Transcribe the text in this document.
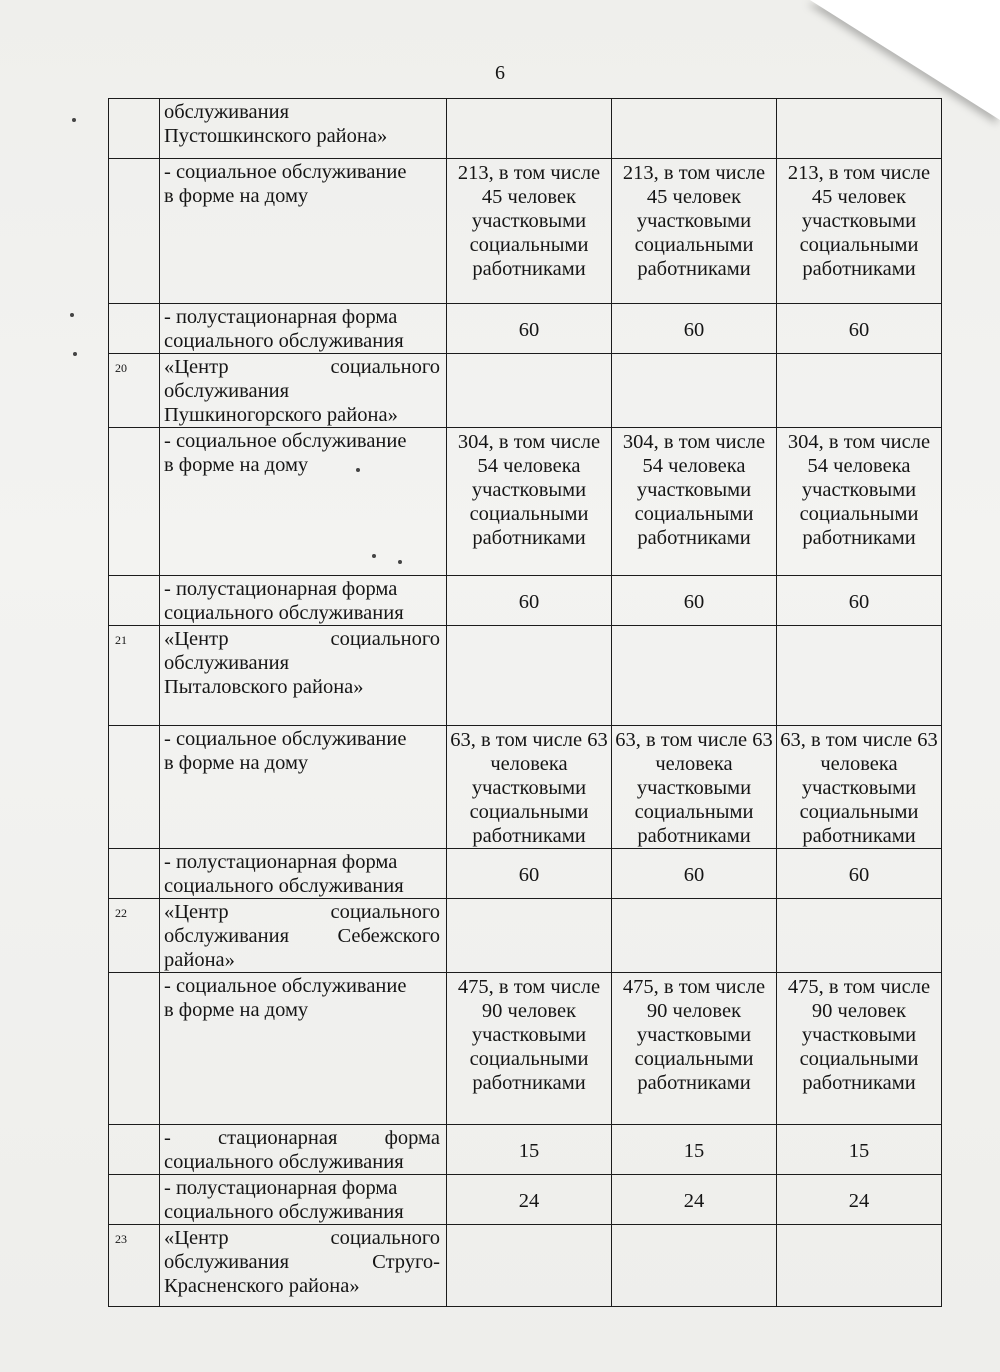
6

	обслуживания
Пустошкинского района»			

	- социальное обслуживание
в форме на дому	213, в том числе 45 человек участковыми социальными работниками	213, в том числе 45 человек участковыми социальными работниками	213, в том числе 45 человек участковыми социальными работниками

	- полустационарная форма
социального обслуживания	60	60	60
20	«Центр социального
обслуживания
Пушкиногорского района»			

	- социальное обслуживание
в форме на дому	304, в том числе 54 человека участковыми социальными работниками	304, в том числе 54 человека участковыми социальными работниками	304, в том числе 54 человека участковыми социальными работниками

	- полустационарная форма
социального обслуживания	60	60	60
21	«Центр социального
обслуживания
Пыталовского района»			

	- социальное обслуживание
в форме на дому	63, в том числе 63 человека участковыми социальными работниками	63, в том числе 63 человека участковыми социальными работниками	63, в том числе 63 человека участковыми социальными работниками

	- полустационарная форма
социального обслуживания	60	60	60
22	«Центр социального
обслуживания Себежского
района»			

	- социальное обслуживание
в форме на дому	475, в том числе 90 человек участковыми социальными работниками	475, в том числе 90 человек участковыми социальными работниками	475, в том числе 90 человек участковыми социальными работниками

	- стационарная форма
социального обслуживания	15	15	15

	- полустационарная форма
социального обслуживания	24	24	24
23	«Центр социального
обслуживания Струго-
Красненского района»			
